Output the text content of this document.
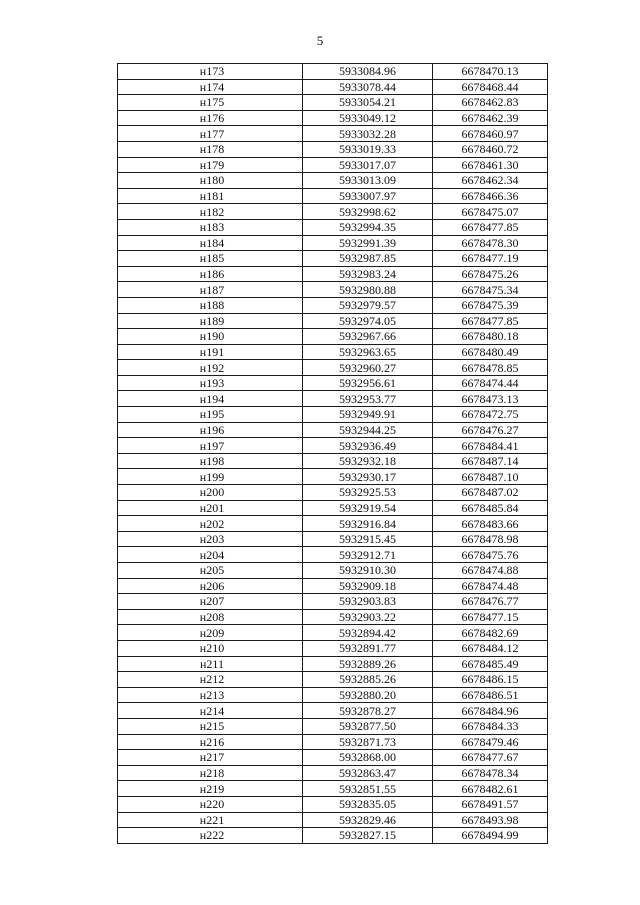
5
н173	5933084.96	6678470.13
н174	5933078.44	6678468.44
н175	5933054.21	6678462.83
н176	5933049.12	6678462.39
н177	5933032.28	6678460.97
н178	5933019.33	6678460.72
н179	5933017.07	6678461.30
н180	5933013.09	6678462.34
н181	5933007.97	6678466.36
н182	5932998.62	6678475.07
н183	5932994.35	6678477.85
н184	5932991.39	6678478.30
н185	5932987.85	6678477.19
н186	5932983.24	6678475.26
н187	5932980.88	6678475.34
н188	5932979.57	6678475.39
н189	5932974.05	6678477.85
н190	5932967.66	6678480.18
н191	5932963.65	6678480.49
н192	5932960.27	6678478.85
н193	5932956.61	6678474.44
н194	5932953.77	6678473.13
н195	5932949.91	6678472.75
н196	5932944.25	6678476.27
н197	5932936.49	6678484.41
н198	5932932.18	6678487.14
н199	5932930.17	6678487.10
н200	5932925.53	6678487.02
н201	5932919.54	6678485.84
н202	5932916.84	6678483.66
н203	5932915.45	6678478.98
н204	5932912.71	6678475.76
н205	5932910.30	6678474.88
н206	5932909.18	6678474.48
н207	5932903.83	6678476.77
н208	5932903.22	6678477.15
н209	5932894.42	6678482.69
н210	5932891.77	6678484.12
н211	5932889.26	6678485.49
н212	5932885.26	6678486.15
н213	5932880.20	6678486.51
н214	5932878.27	6678484.96
н215	5932877.50	6678484.33
н216	5932871.73	6678479.46
н217	5932868.00	6678477.67
н218	5932863.47	6678478.34
н219	5932851.55	6678482.61
н220	5932835.05	6678491.57
н221	5932829.46	6678493.98
н222	5932827.15	6678494.99
